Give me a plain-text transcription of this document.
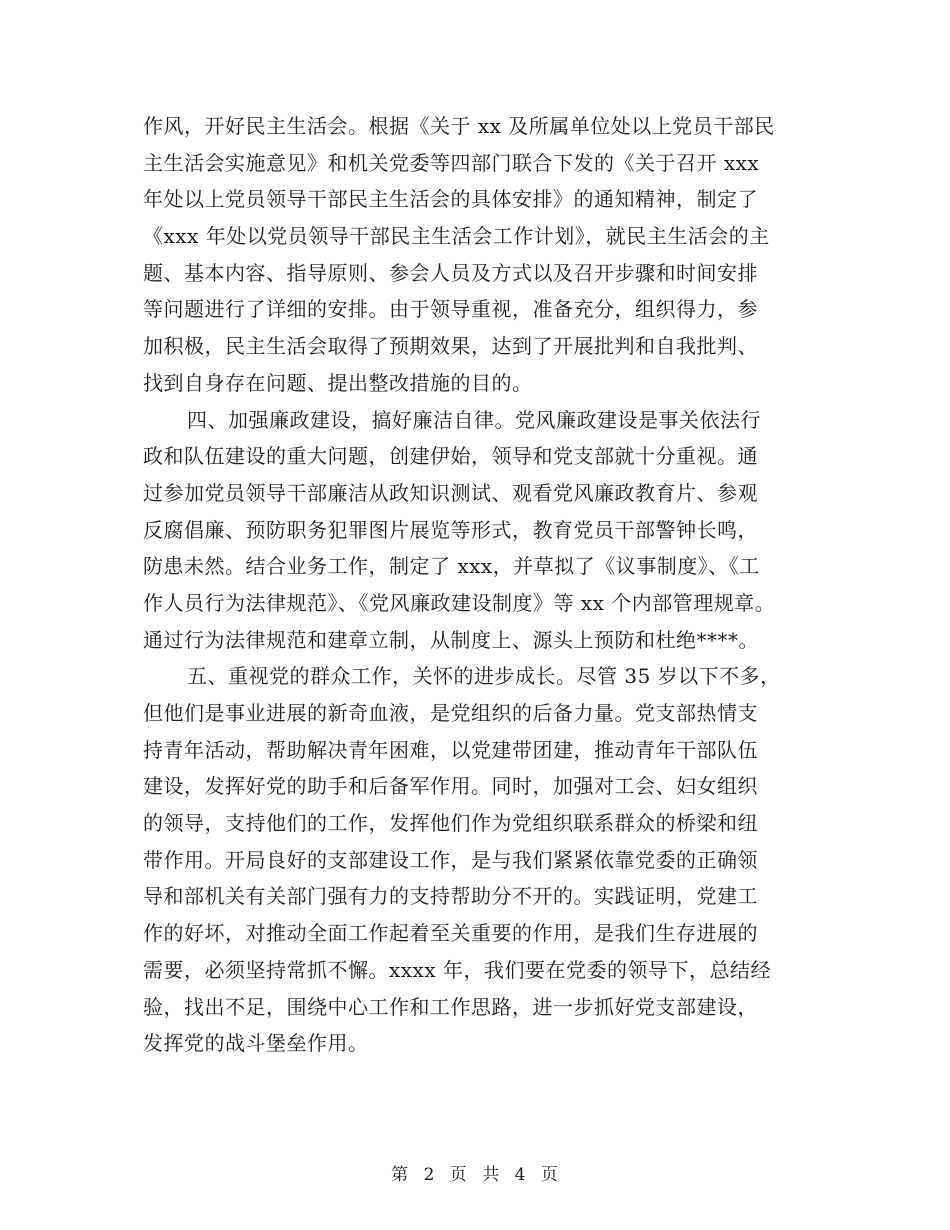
作风，开好民主生活会。根据《关于 xx 及所属单位处以上党员干部民
主生活会实施意见》和机关党委等四部门联合下发的《关于召开 xxx
年处以上党员领导干部民主生活会的具体安排》的通知精神，制定了
《xxx 年处以党员领导干部民主生活会工作计划》，就民主生活会的主
题、基本内容、指导原则、参会人员及方式以及召开步骤和时间安排
等问题进行了详细的安排。由于领导重视，准备充分，组织得力，参
加积极，民主生活会取得了预期效果，达到了开展批判和自我批判、
找到自身存在问题、提出整改措施的目的。
四、加强廉政建设，搞好廉洁自律。党风廉政建设是事关依法行
政和队伍建设的重大问题，创建伊始，领导和党支部就十分重视。通
过参加党员领导干部廉洁从政知识测试、观看党风廉政教育片、参观
反腐倡廉、预防职务犯罪图片展览等形式，教育党员干部警钟长鸣，
防患未然。结合业务工作，制定了 xxx，并草拟了《议事制度》、《工
作人员行为法律规范》、《党风廉政建设制度》等 xx 个内部管理规章。
通过行为法律规范和建章立制，从制度上、源头上预防和杜绝****。
五、重视党的群众工作，关怀的进步成长。尽管 35 岁以下不多，
但他们是事业进展的新奇血液，是党组织的后备力量。党支部热情支
持青年活动，帮助解决青年困难，以党建带团建，推动青年干部队伍
建设，发挥好党的助手和后备军作用。同时，加强对工会、妇女组织
的领导，支持他们的工作，发挥他们作为党组织联系群众的桥梁和纽
带作用。开局良好的支部建设工作，是与我们紧紧依靠党委的正确领
导和部机关有关部门强有力的支持帮助分不开的。实践证明，党建工
作的好坏，对推动全面工作起着至关重要的作用，是我们生存进展的
需要，必须坚持常抓不懈。xxxx 年，我们要在党委的领导下，总结经
验，找出不足，围绕中心工作和工作思路，进一步抓好党支部建设，
发挥党的战斗堡垒作用。
第 2 页 共 4 页
